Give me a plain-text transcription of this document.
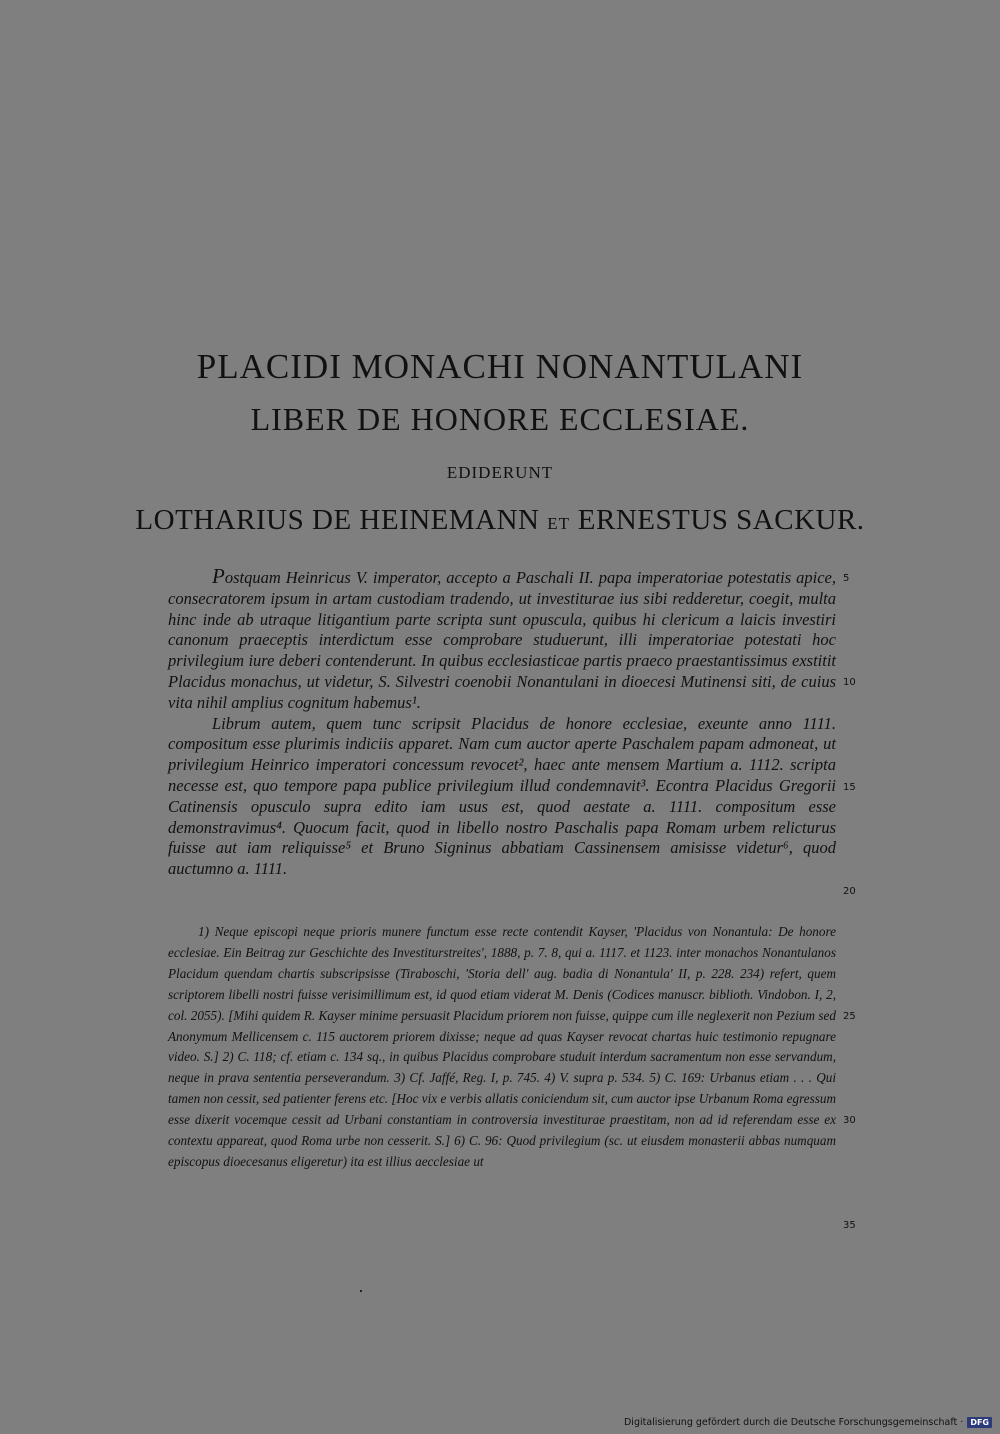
PLACIDI MONACHI NONANTULANI
LIBER DE HONORE ECCLESIAE.
EDIDERUNT
LOTHARIUS DE HEINEMANN ET ERNESTUS SACKUR.

Postquam Heinricus V. imperator, accepto a Paschali II. papa imperatoriae potestatis apice, consecratorem ipsum in artam custodiam tradendo, ut investiturae ius sibi redderetur, coegit, multa hinc inde ab utraque litigantium parte scripta sunt opuscula, quibus hi clericum a laicis investiri canonum praeceptis interdictum esse comprobare studuerunt, illi imperatoriae potestati hoc privilegium iure deberi contenderunt. In quibus ecclesiasticae partis praeco praestantissimus exstitit Placidus monachus, ut videtur, S. Silvestri coenobii Nonantulani in dioecesi Mutinensi siti, de cuius vita nihil amplius cognitum habemus¹.

Librum autem, quem tunc scripsit Placidus de honore ecclesiae, exeunte anno 1111. compositum esse plurimis indiciis apparet. Nam cum auctor aperte Paschalem papam admoneat, ut privilegium Heinrico imperatori concessum revocet², haec ante mensem Martium a. 1112. scripta necesse est, quo tempore papa publice privilegium illud condemnavit³. Econtra Placidus Gregorii Catinensis opusculo supra edito iam usus est, quod aestate a. 1111. compositum esse demonstravimus⁴. Quocum facit, quod in libello nostro Paschalis papa Romam urbem relicturus fuisse aut iam reliquisse⁵ et Bruno Signinus abbatiam Cassinensem amisisse videtur⁶, quod auctumno a. 1111.

1) Neque episcopi neque prioris munere functum esse recte contendit Kayser, 'Placidus von Nonantula: De honore ecclesiae. Ein Beitrag zur Geschichte des Investiturstreites', 1888, p. 7. 8, qui a. 1117. et 1123. inter monachos Nonantulanos Placidum quendam chartis subscripsisse (Tiraboschi, 'Storia dell' aug. badia di Nonantula' II, p. 228. 234) refert, quem scriptorem libelli nostri fuisse verisimillimum est, id quod etiam viderat M. Denis (Codices manuscr. biblioth. Vindobon. I, 2, col. 2055). [Mihi quidem R. Kayser minime persuasit Placidum priorem non fuisse, quippe cum ille neglexerit non Pezium sed Anonymum Mellicensem c. 115 auctorem priorem dixisse; neque ad quas Kayser revocat chartas huic testimonio repugnare video. S.] 2) C. 118; cf. etiam c. 134 sq., in quibus Placidus comprobare studuit interdum sacramentum non esse servandum, neque in prava sententia perseverandum. 3) Cf. Jaffé, Reg. I, p. 745. 4) V. supra p. 534. 5) C. 169: Urbanus etiam . . . Qui tamen non cessit, sed patienter ferens etc. [Hoc vix e verbis allatis coniciendum sit, cum auctor ipse Urbanum Roma egressum esse dixerit vocemque cessit ad Urbani constantiam in controversia investiturae praestitam, non ad id referendam esse ex contextu appareat, quod Roma urbe non cesserit. S.] 6) C. 96: Quod privilegium (sc. ut eiusdem monasterii abbas numquam episcopus dioecesanus eligeretur) ita est illius aecclesiae ut

5
10
15
20
25
30
35
Digitalisierung gefördert durch die Deutsche Forschungsgemeinschaft · DFG
